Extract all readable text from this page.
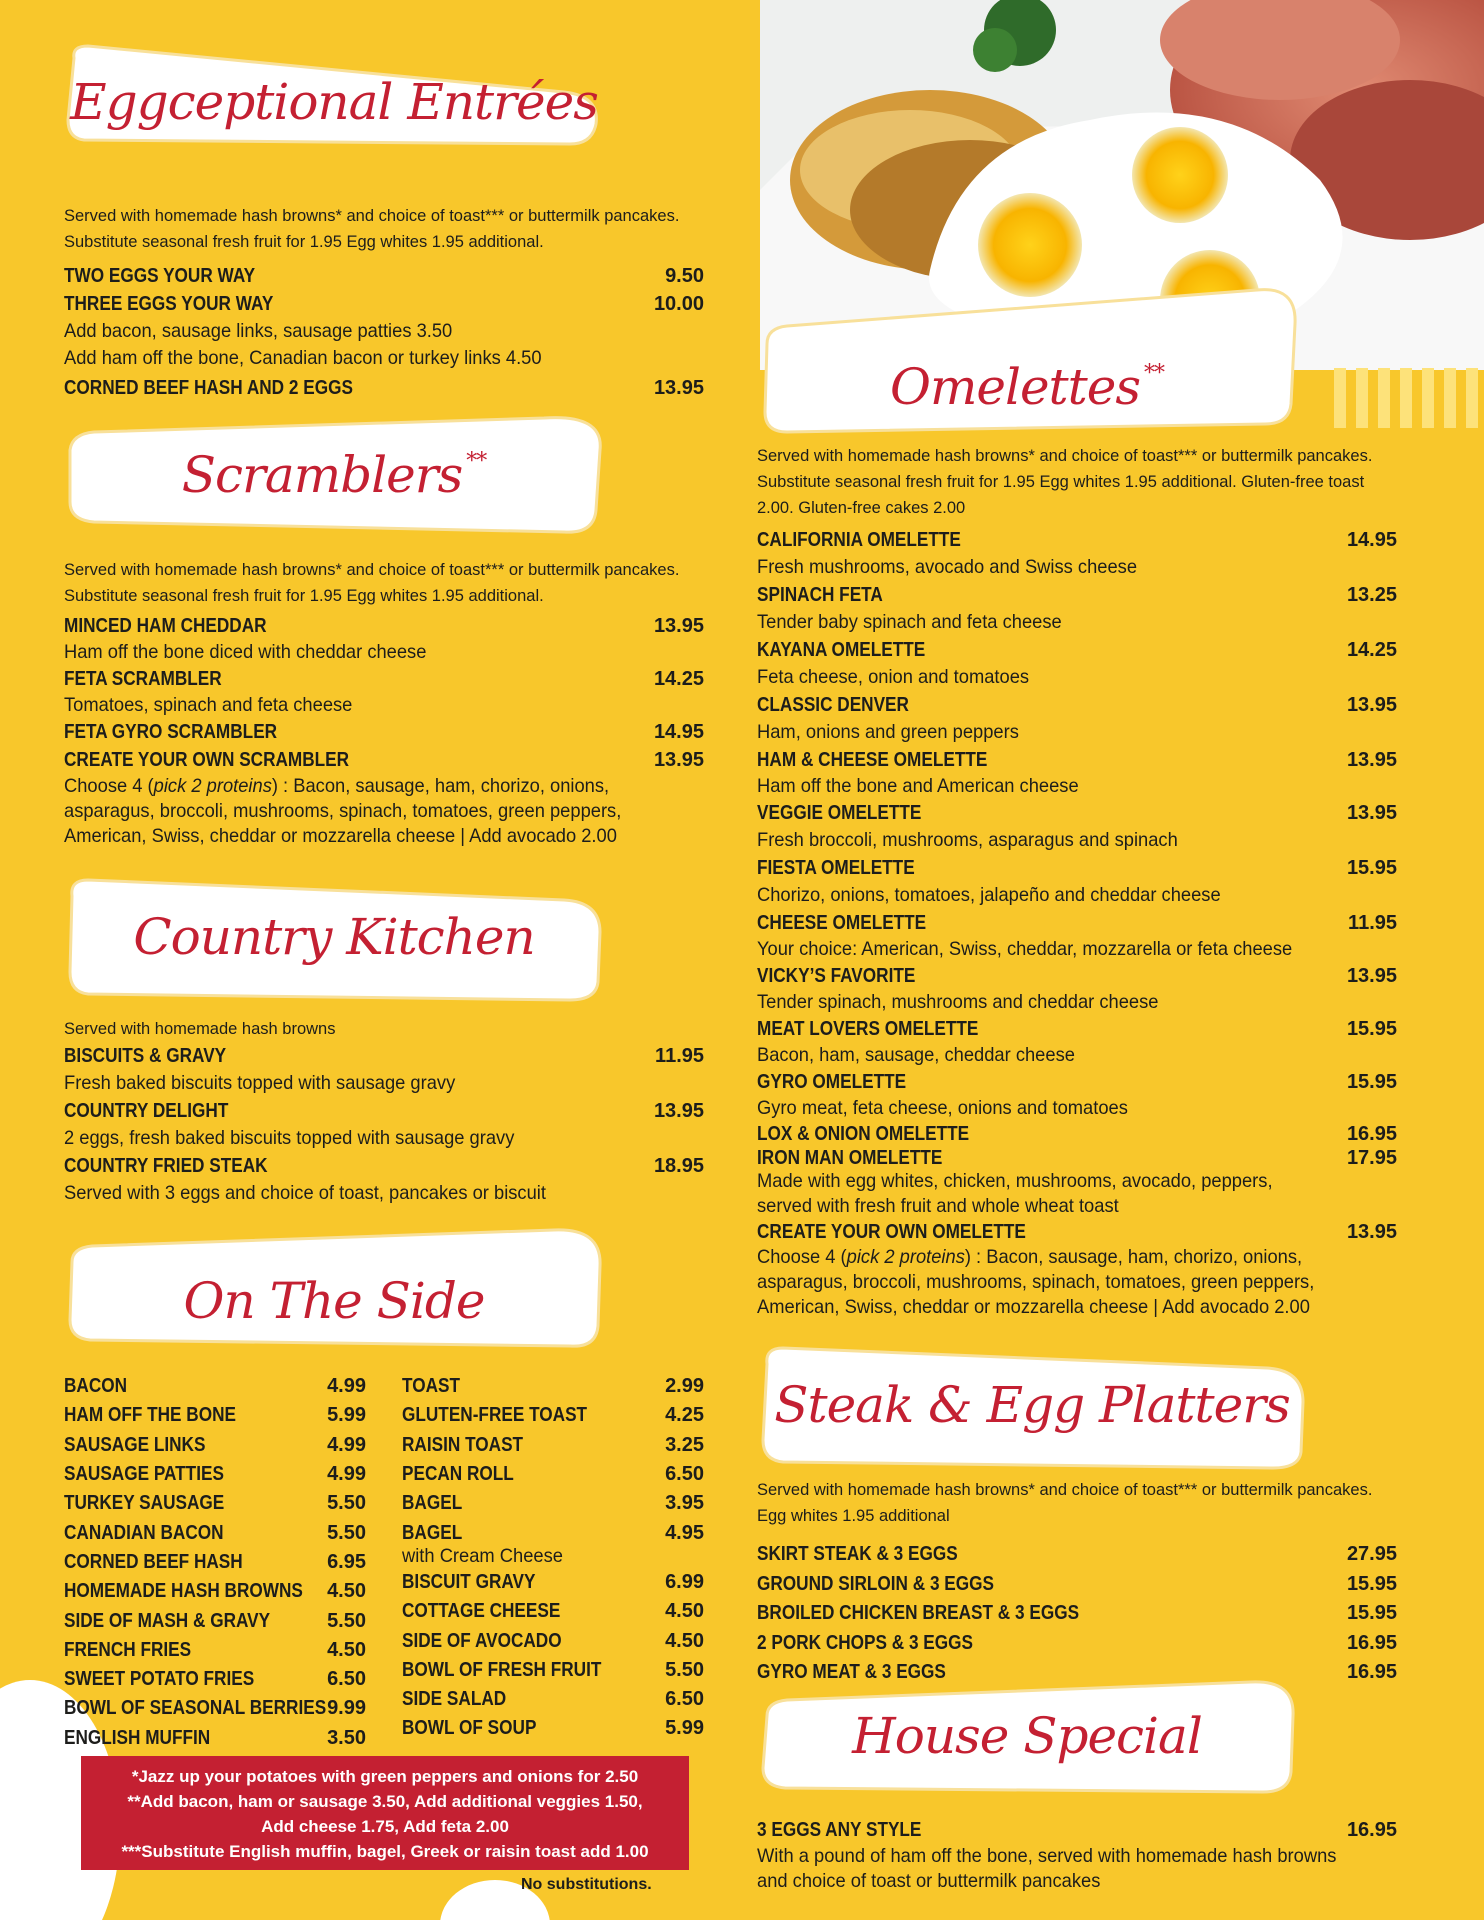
Eggceptional Entrées
Served with homemade hash browns* and choice of toast*** or buttermilk pancakes.
Substitute seasonal fresh fruit for 1.95 Egg whites 1.95 additional.
TWO EGGS YOUR WAY	9.50
THREE EGGS YOUR WAY	10.00
Add bacon, sausage links, sausage patties 3.50
Add ham off the bone, Canadian bacon or turkey links 4.50
CORNED BEEF HASH AND 2 EGGS	13.95
Scramblers**
Served with homemade hash browns* and choice of toast*** or buttermilk pancakes.
Substitute seasonal fresh fruit for 1.95 Egg whites 1.95 additional.
MINCED HAM CHEDDAR	13.95
Ham off the bone diced with cheddar cheese
FETA SCRAMBLER	14.25
Tomatoes, spinach and feta cheese
FETA GYRO SCRAMBLER	14.95
CREATE YOUR OWN SCRAMBLER	13.95
Choose 4 (pick 2 proteins) : Bacon, sausage, ham, chorizo, onions,
asparagus, broccoli, mushrooms, spinach, tomatoes, green peppers,
American, Swiss, cheddar or mozzarella cheese | Add avocado 2.00
Country Kitchen
Served with homemade hash browns
BISCUITS & GRAVY	11.95
Fresh baked biscuits topped with sausage gravy
COUNTRY DELIGHT	13.95
2 eggs, fresh baked biscuits topped with sausage gravy
COUNTRY FRIED STEAK	18.95
Served with 3 eggs and choice of toast, pancakes or biscuit
On The Side
BACON	4.99
HAM OFF THE BONE	5.99
SAUSAGE LINKS	4.99
SAUSAGE PATTIES	4.99
TURKEY SAUSAGE	5.50
CANADIAN BACON	5.50
CORNED BEEF HASH	6.95
HOMEMADE HASH BROWNS 4.50
SIDE OF MASH & GRAVY	5.50
FRENCH FRIES	4.50
SWEET POTATO FRIES	6.50
BOWL OF SEASONAL BERRIES 9.99
ENGLISH MUFFIN	3.50
TOAST	2.99
GLUTEN-FREE TOAST	4.25
RAISIN TOAST	3.25
PECAN ROLL	6.50
BAGEL	3.95
BAGEL	4.95
with Cream Cheese
BISCUIT GRAVY	6.99
COTTAGE CHEESE	4.50
SIDE OF AVOCADO	4.50
BOWL OF FRESH FRUIT	5.50
SIDE SALAD	6.50
BOWL OF SOUP	5.99
*Jazz up your potatoes with green peppers and onions for 2.50
**Add bacon, ham or sausage 3.50, Add additional veggies 1.50,
Add cheese 1.75, Add feta 2.00
***Substitute English muffin, bagel, Greek or raisin toast add 1.00
No substitutions.
Omelettes**
Served with homemade hash browns* and choice of toast*** or buttermilk pancakes.
Substitute seasonal fresh fruit for 1.95 Egg whites 1.95 additional. Gluten-free toast
2.00. Gluten-free cakes 2.00
CALIFORNIA OMELETTE	14.95
Fresh mushrooms, avocado and Swiss cheese
SPINACH FETA	13.25
Tender baby spinach and feta cheese
KAYANA OMELETTE	14.25
Feta cheese, onion and tomatoes
CLASSIC DENVER	13.95
Ham, onions and green peppers
HAM & CHEESE OMELETTE	13.95
Ham off the bone and American cheese
VEGGIE OMELETTE	13.95
Fresh broccoli, mushrooms, asparagus and spinach
FIESTA OMELETTE	15.95
Chorizo, onions, tomatoes, jalapeño and cheddar cheese
CHEESE OMELETTE	11.95
Your choice: American, Swiss, cheddar, mozzarella or feta cheese
VICKY’S FAVORITE	13.95
Tender spinach, mushrooms and cheddar cheese
MEAT LOVERS OMELETTE	15.95
Bacon, ham, sausage, cheddar cheese
GYRO OMELETTE	15.95
Gyro meat, feta cheese, onions and tomatoes
LOX & ONION OMELETTE	16.95
IRON MAN OMELETTE	17.95
Made with egg whites, chicken, mushrooms, avocado, peppers,
served with fresh fruit and whole wheat toast
CREATE YOUR OWN OMELETTE	13.95
Choose 4 (pick 2 proteins) : Bacon, sausage, ham, chorizo, onions,
asparagus, broccoli, mushrooms, spinach, tomatoes, green peppers,
American, Swiss, cheddar or mozzarella cheese | Add avocado 2.00
Steak & Egg Platters
Served with homemade hash browns* and choice of toast*** or buttermilk pancakes.
Egg whites 1.95 additional
SKIRT STEAK & 3 EGGS	27.95
GROUND SIRLOIN & 3 EGGS	15.95
BROILED CHICKEN BREAST & 3 EGGS	15.95
2 PORK CHOPS & 3 EGGS	16.95
GYRO MEAT & 3 EGGS	16.95
House Special
3 EGGS ANY STYLE	16.95
With a pound of ham off the bone, served with homemade hash browns
and choice of toast or buttermilk pancakes
